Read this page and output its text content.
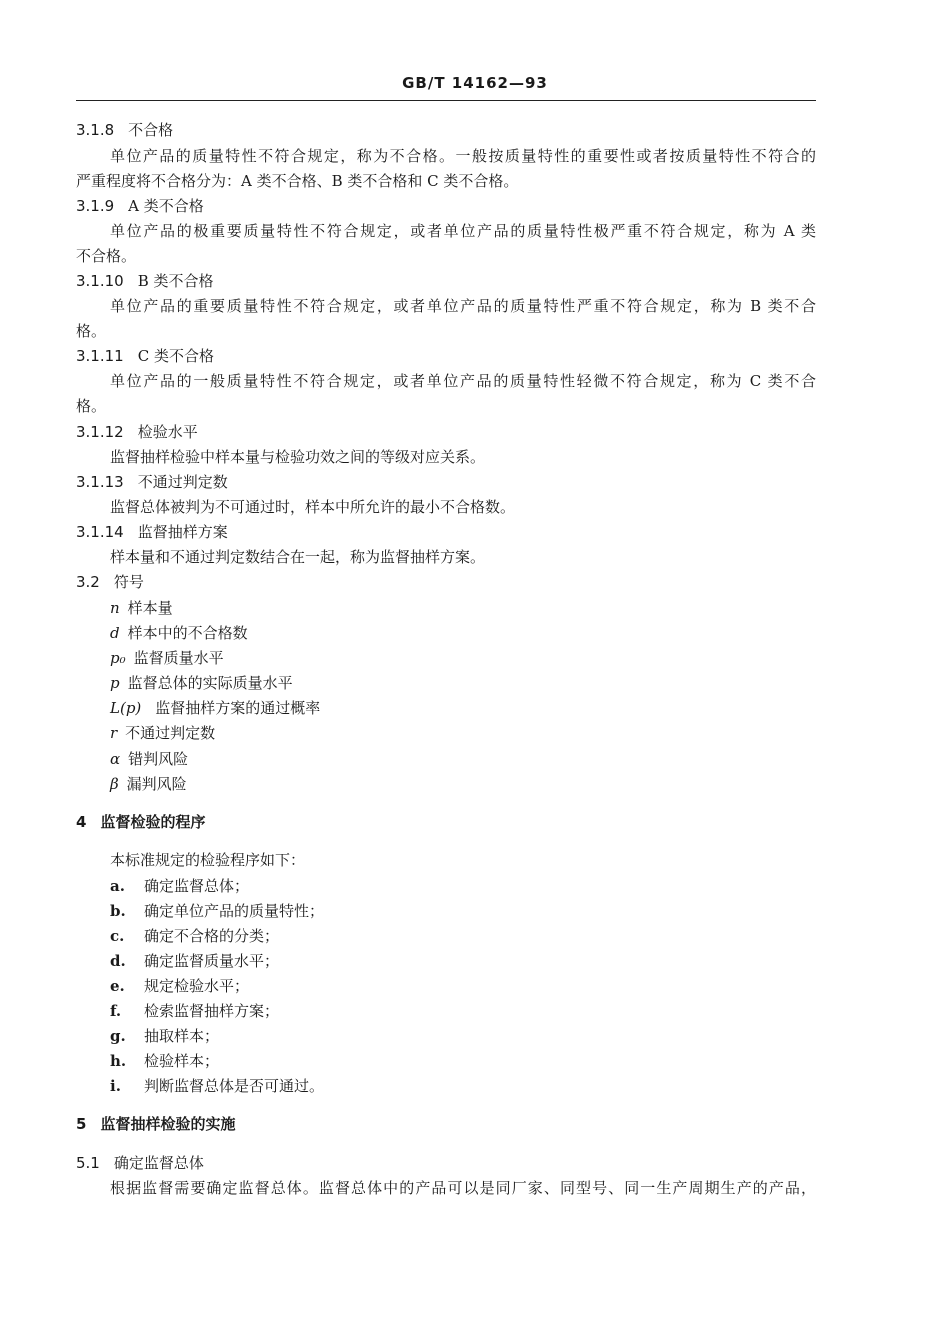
GB/T 14162—93
3.1.8 不合格
单位产品的质量特性不符合规定，称为不合格。一般按质量特性的重要性或者按质量特性不符合的
严重程度将不合格分为：A 类不合格、B 类不合格和 C 类不合格。
3.1.9 A 类不合格
单位产品的极重要质量特性不符合规定，或者单位产品的质量特性极严重不符合规定，称为 A 类
不合格。
3.1.10 B 类不合格
单位产品的重要质量特性不符合规定，或者单位产品的质量特性严重不符合规定，称为 B 类不合
格。
3.1.11 C 类不合格
单位产品的一般质量特性不符合规定，或者单位产品的质量特性轻微不符合规定，称为 C 类不合
格。
3.1.12 检验水平
监督抽样检验中样本量与检验功效之间的等级对应关系。
3.1.13 不通过判定数
监督总体被判为不可通过时，样本中所允许的最小不合格数。
3.1.14 监督抽样方案
样本量和不通过判定数结合在一起，称为监督抽样方案。
3.2 符号
n 样本量
d 样本中的不合格数
p₀ 监督质量水平
p 监督总体的实际质量水平
L(p) 监督抽样方案的通过概率
r 不通过判定数
α 错判风险
β 漏判风险
4 监督检验的程序
本标准规定的检验程序如下：
a. 确定监督总体；
b. 确定单位产品的质量特性；
c. 确定不合格的分类；
d. 确定监督质量水平；
e. 规定检验水平；
f. 检索监督抽样方案；
g. 抽取样本；
h. 检验样本；
i. 判断监督总体是否可通过。
5 监督抽样检验的实施
5.1 确定监督总体
根据监督需要确定监督总体。监督总体中的产品可以是同厂家、同型号、同一生产周期生产的产品，
